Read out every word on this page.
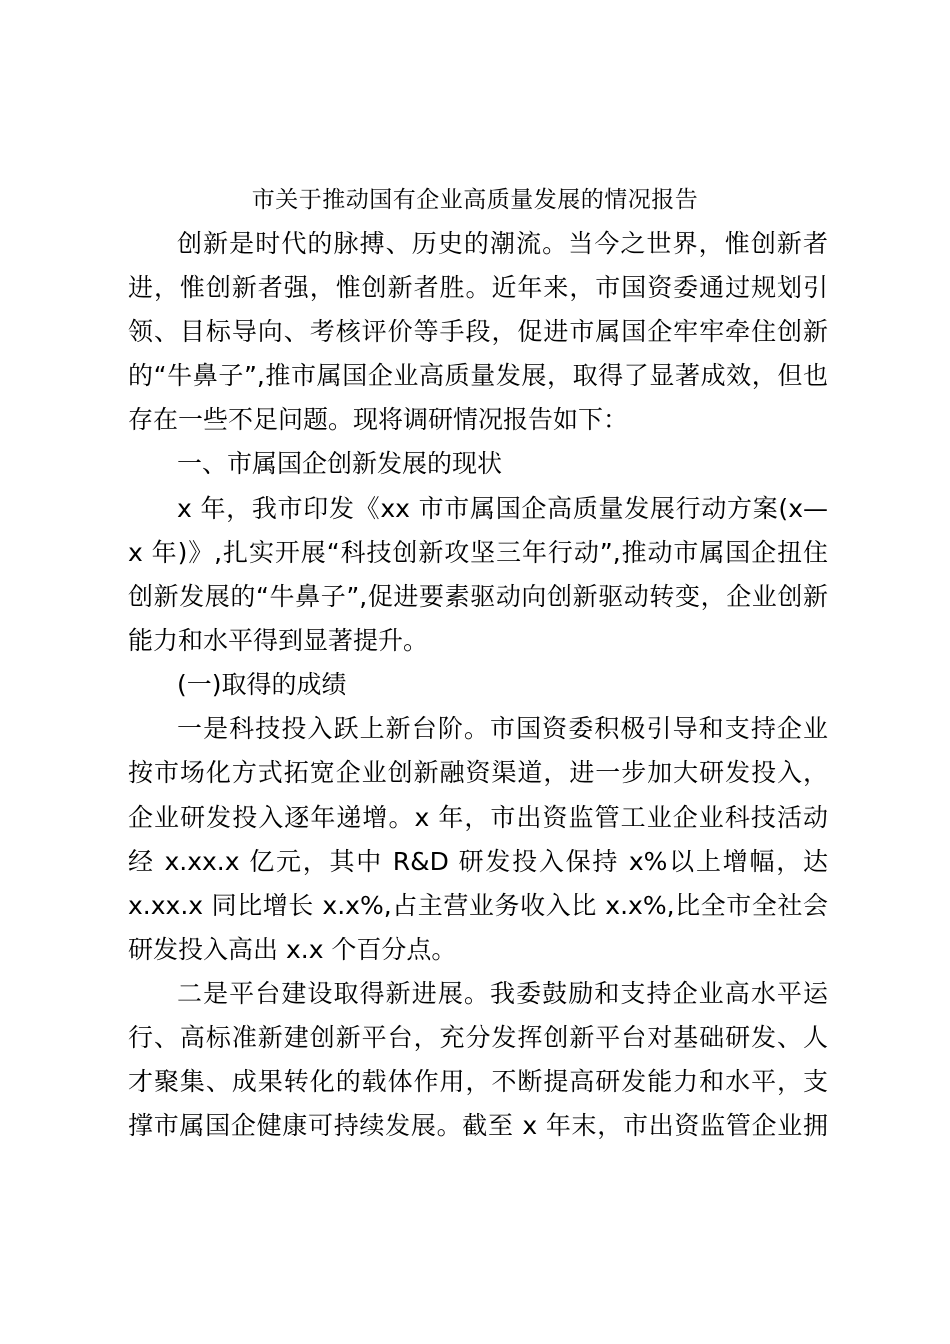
市关于推动国有企业高质量发展的情况报告
创新是时代的脉搏、历史的潮流。当今之世界，惟创新者
进，惟创新者强，惟创新者胜。近年来，市国资委通过规划引
领、目标导向、考核评价等手段，促进市属国企牢牢牵住创新
的“牛鼻子”,推市属国企业高质量发展，取得了显著成效，但也
存在一些不足问题。现将调研情况报告如下：
一、市属国企创新发展的现状
x 年，我市印发《xx 市市属国企高质量发展行动方案(x—
x 年)》,扎实开展“科技创新攻坚三年行动”,推动市属国企扭住
创新发展的“牛鼻子”,促进要素驱动向创新驱动转变，企业创新
能力和水平得到显著提升。
(一)取得的成绩
一是科技投入跃上新台阶。市国资委积极引导和支持企业
按市场化方式拓宽企业创新融资渠道，进一步加大研发投入，
企业研发投入逐年递增。x 年，市出资监管工业企业科技活动
经 x.xx.x 亿元，其中 R&D 研发投入保持 x%以上增幅，达
x.xx.x 同比增长 x.x%,占主营业务收入比 x.x%,比全市全社会
研发投入高出 x.x 个百分点。
二是平台建设取得新进展。我委鼓励和支持企业高水平运
行、高标准新建创新平台，充分发挥创新平台对基础研发、人
才聚集、成果转化的载体作用，不断提高研发能力和水平，支
撑市属国企健康可持续发展。截至 x 年末，市出资监管企业拥
